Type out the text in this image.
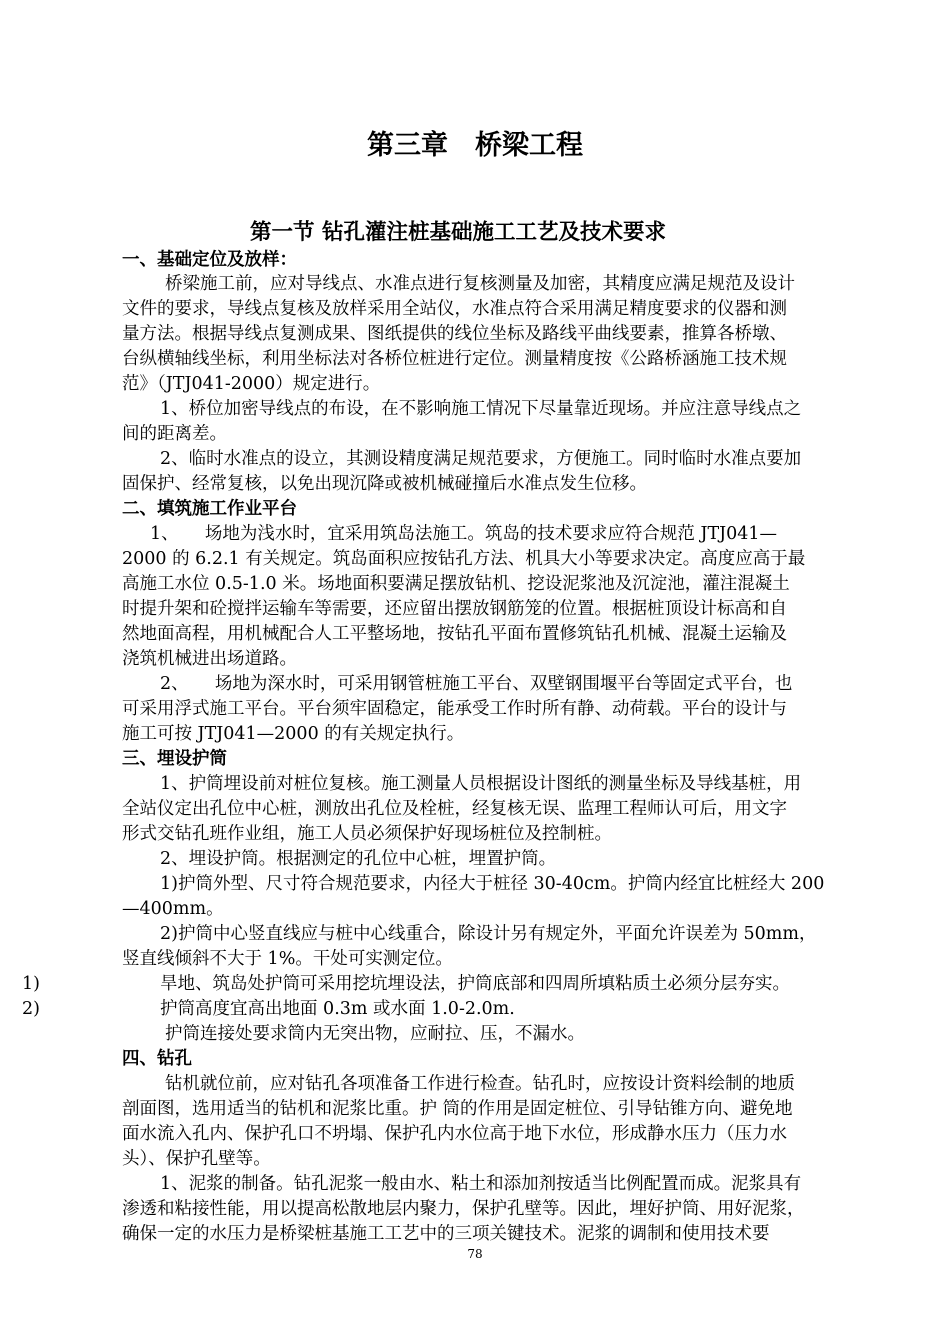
第三章　桥梁工程
第一节 钻孔灌注桩基础施工工艺及技术要求
一、基础定位及放样：
桥梁施工前，应对导线点、水准点进行复核测量及加密，其精度应满足规范及设计
文件的要求，导线点复核及放样采用全站仪，水准点符合采用满足精度要求的仪器和测
量方法。根据导线点复测成果、图纸提供的线位坐标及路线平曲线要素，推算各桥墩、
台纵横轴线坐标，利用坐标法对各桥位桩进行定位。测量精度按《公路桥涵施工技术规
范》（JTJ041-2000）规定进行。
1、桥位加密导线点的布设，在不影响施工情况下尽量靠近现场。并应注意导线点之
间的距离差。
2、临时水准点的设立，其测设精度满足规范要求，方便施工。同时临时水准点要加
固保护、经常复核，以免出现沉降或被机械碰撞后水准点发生位移。
二、填筑施工作业平台
1、　　场地为浅水时，宜采用筑岛法施工。筑岛的技术要求应符合规范 JTJ041—
2000 的 6.2.1 有关规定。筑岛面积应按钻孔方法、机具大小等要求决定。高度应高于最
高施工水位 0.5-1.0 米。场地面积要满足摆放钻机、挖设泥浆池及沉淀池，灌注混凝土
时提升架和砼搅拌运输车等需要，还应留出摆放钢筋笼的位置。根据桩顶设计标高和自
然地面高程，用机械配合人工平整场地，按钻孔平面布置修筑钻孔机械、混凝土运输及
浇筑机械进出场道路。
2、　　场地为深水时，可采用钢管桩施工平台、双壁钢围堰平台等固定式平台，也
可采用浮式施工平台。平台须牢固稳定，能承受工作时所有静、动荷载。平台的设计与
施工可按 JTJ041—2000 的有关规定执行。
三、埋设护筒
1、护筒埋设前对桩位复核。施工测量人员根据设计图纸的测量坐标及导线基桩，用
全站仪定出孔位中心桩，测放出孔位及栓桩，经复核无误、监理工程师认可后，用文字
形式交钻孔班作业组，施工人员必须保护好现场桩位及控制桩。
2、埋设护筒。根据测定的孔位中心桩，埋置护筒。
1)护筒外型、尺寸符合规范要求，内径大于桩径 30-40cm。护筒内经宜比桩经大 200
—400mm。
2)护筒中心竖直线应与桩中心线重合，除设计另有规定外，平面允许误差为 50mm，
竖直线倾斜不大于 1%。干处可实测定位。
1)	旱地、筑岛处护筒可采用挖坑埋设法，护筒底部和四周所填粘质土必须分层夯实。
2)	护筒高度宜高出地面 0.3m 或水面 1.0-2.0m.
护筒连接处要求筒内无突出物，应耐拉、压，不漏水。
四、钻孔
钻机就位前，应对钻孔各项准备工作进行检查。钻孔时，应按设计资料绘制的地质
剖面图，选用适当的钻机和泥浆比重。护 筒的作用是固定桩位、引导钻锥方向、避免地
面水流入孔内、保护孔口不坍塌、保护孔内水位高于地下水位，形成静水压力（压力水
头）、保护孔壁等。
1、泥浆的制备。钻孔泥浆一般由水、粘土和添加剂按适当比例配置而成。泥浆具有
渗透和粘接性能，用以提高松散地层内聚力，保护孔壁等。因此，埋好护筒、用好泥浆，
确保一定的水压力是桥梁桩基施工工艺中的三项关键技术。泥浆的调制和使用技术要
78
